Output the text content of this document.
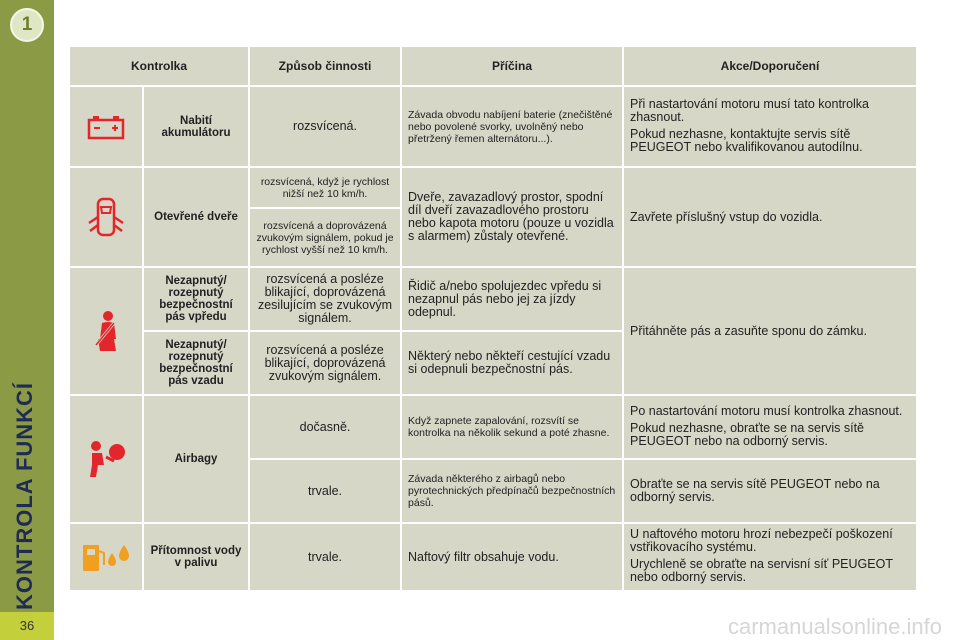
1
KONTROLA FUNKCÍ
36	carmanualsonline.info
Kontrolka		Způsob činnosti	Příčina	Akce/Doporučení

	Nabití akumulátoru	rozsvícená.	Závada obvodu nabíjení baterie (znečištěné nebo povolené svorky, uvolněný nebo přetržený řemen alternátoru...).	Při nastartování motoru musí tato kontrolka zhasnout.

Pokud nezhasne, kontaktujte servis sítě PEUGEOT nebo kvalifikovanou autodílnu.

	Otevřené dveře	rozsvícená, když je rychlost nižší než 10 km/h.	Dveře, zavazadlový prostor, spodní díl dveří zavazadlového prostoru nebo kapota motoru (pouze u vozidla s alarmem) zůstaly otevřené.	Zavřete příslušný vstup do vozidla.
		rozsvícená a doprovázená zvukovým signálem, pokud je rychlost vyšší než 10 km/h.		

	Nezapnutý/ rozepnutý bezpečnostní pás vpředu	rozsvícená a posléze blikající, doprovázená zesilujícím se zvukovým signálem.	Řidič a/nebo spolujezdec vpředu si nezapnul pás nebo jej za jízdy odepnul.	Přitáhněte pás a zasuňte sponu do zámku.
	Nezapnutý/ rozepnutý bezpečnostní pás vzadu	rozsvícená a posléze blikající, doprovázená zvukovým signálem.	Některý nebo někteří cestující vzadu si odepnuli bezpečnostní pás.	

	Airbagy	dočasně.	Když zapnete zapalování, rozsvítí se kontrolka na několik sekund a poté zhasne.	Po nastartování motoru musí kontrolka zhasnout.

Pokud nezhasne, obraťte se na servis sítě PEUGEOT nebo na odborný servis.

		trvale.	Závada některého z airbagů nebo pyrotechnických předpínačů bezpečnostních pásů.	Obraťte se na servis sítě PEUGEOT nebo na odborný servis.

	Přítomnost vody v palivu	trvale.	Naftový filtr obsahuje vodu.	U naftového motoru hrozí nebezpečí poškození vstřikovacího systému.

Urychleně se obraťte na servisní síť PEUGEOT nebo odborný servis.
